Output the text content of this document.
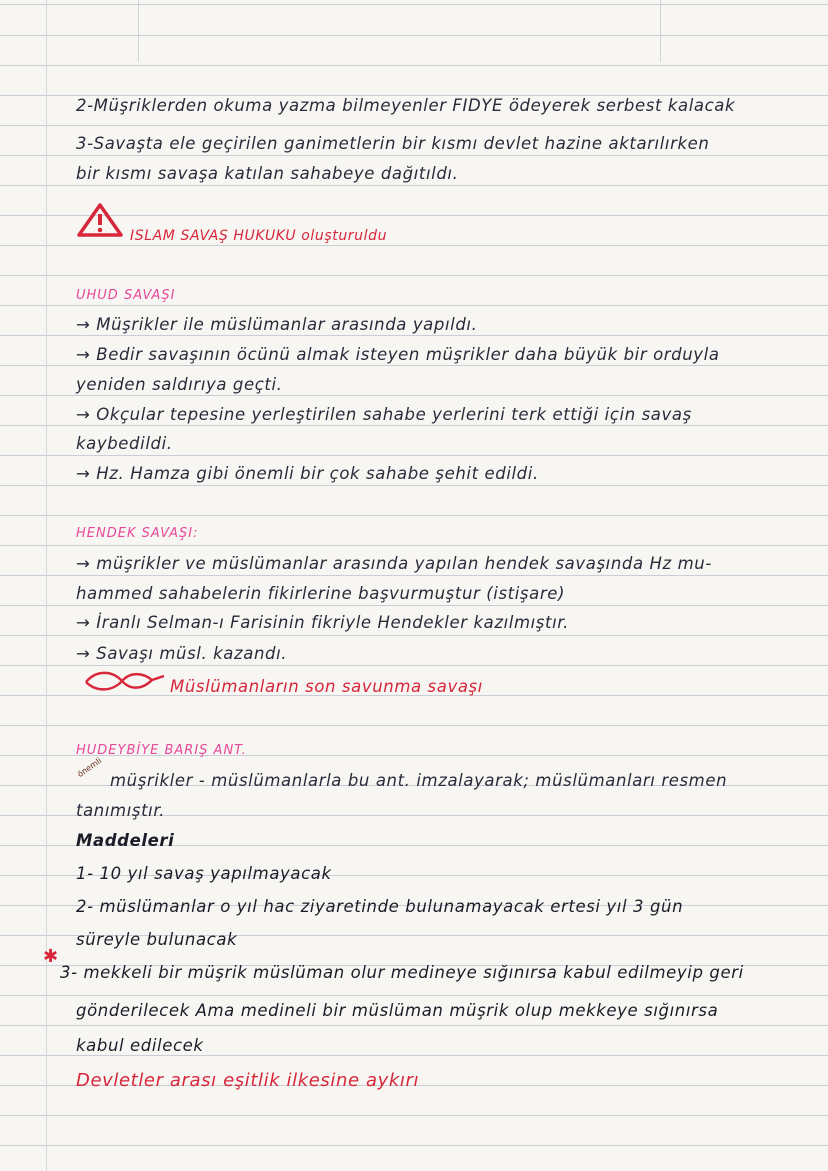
2-Müşriklerden okuma yazma bilmeyenler FIDYE ödeyerek serbest kalacak
3-Savaşta ele geçirilen ganimetlerin bir kısmı devlet hazine aktarılırken
bir kısmı savaşa katılan sahabeye dağıtıldı.
ISLAM SAVAŞ HUKUKU oluşturuldu
UHUD SAVAŞI
→ Müşrikler ile müslümanlar arasında yapıldı.
→ Bedir savaşının öcünü almak isteyen müşrikler daha büyük bir orduyla
yeniden saldırıya geçti.
→ Okçular tepesine yerleştirilen sahabe yerlerini terk ettiği için savaş
kaybedildi.
→ Hz. Hamza gibi önemli bir çok sahabe şehit edildi.
HENDEK SAVAŞI:
→ müşrikler ve müslümanlar arasında yapılan hendek savaşında Hz mu-
hammed sahabelerin fikirlerine başvurmuştur (istişare)
→ İranlı Selman-ı Farisinin fikriyle Hendekler kazılmıştır.
→ Savaşı müsl. kazandı.
Müslümanların son savunma savaşı
HUDEYBİYE BARIŞ ANT.
önemli
müşrikler - müslümanlarla bu ant. imzalayarak; müslümanları resmen
tanımıştır.
Maddeleri
1- 10 yıl savaş yapılmayacak
2- müslümanlar o yıl hac ziyaretinde bulunamayacak ertesi yıl 3 gün
süreyle bulunacak
✱
3- mekkeli bir müşrik müslüman olur medineye sığınırsa kabul edilmeyip geri
gönderilecek Ama medineli bir müslüman müşrik olup mekkeye sığınırsa
kabul edilecek
Devletler arası eşitlik ilkesine aykırı
